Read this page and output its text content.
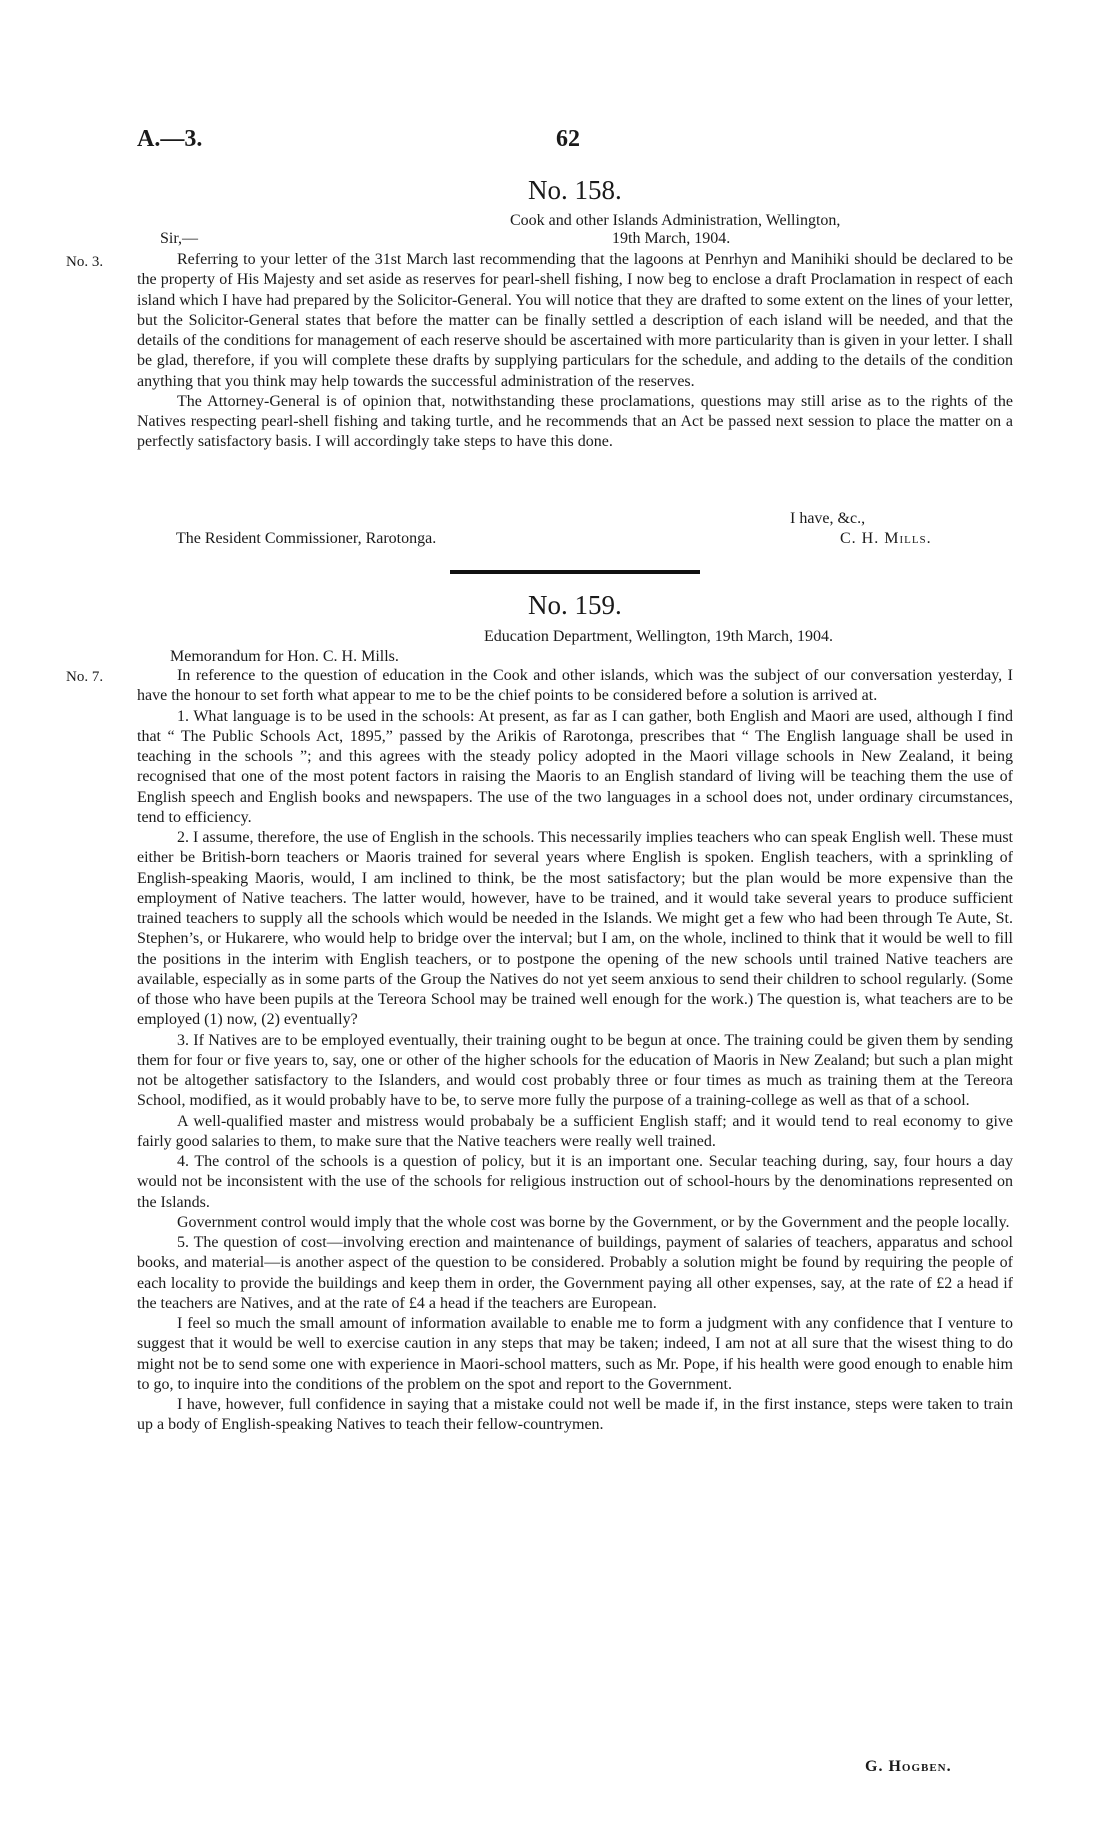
A.—3.	62
No. 158.
Cook and other Islands Administration, Wellington,
Sir,—	19th March, 1904.
No. 3.	Referring to your letter of the 31st March last recommending that the lagoons at Penrhyn and Manihiki should be declared to be the property of His Majesty and set aside as reserves for pearl-shell fishing, I now beg to enclose a draft Proclamation in respect of each island which I have had prepared by the Solicitor-General. You will notice that they are drafted to some extent on the lines of your letter, but the Solicitor-General states that before the matter can be finally settled a description of each island will be needed, and that the details of the conditions for management of each reserve should be ascertained with more particularity than is given in your letter. I shall be glad, therefore, if you will complete these drafts by supplying particulars for the schedule, and adding to the details of the condition anything that you think may help towards the successful administration of the reserves.

The Attorney-General is of opinion that, notwithstanding these proclamations, questions may still arise as to the rights of the Natives respecting pearl-shell fishing and taking turtle, and he recommends that an Act be passed next session to place the matter on a perfectly satisfactory basis. I will accordingly take steps to have this done.

I have, &c.,
The Resident Commissioner, Rarotonga.	C. H. Mills.
No. 159.
Education Department, Wellington, 19th March, 1904.
Memorandum for Hon. C. H. Mills.
No. 7.	In reference to the question of education in the Cook and other islands, which was the subject of our conversation yesterday, I have the honour to set forth what appear to me to be the chief points to be considered before a solution is arrived at.

1. What language is to be used in the schools: At present, as far as I can gather, both English and Maori are used, although I find that “ The Public Schools Act, 1895,” passed by the Arikis of Rarotonga, prescribes that “ The English language shall be used in teaching in the schools ”; and this agrees with the steady policy adopted in the Maori village schools in New Zealand, it being recognised that one of the most potent factors in raising the Maoris to an English standard of living will be teaching them the use of English speech and English books and newspapers. The use of the two languages in a school does not, under ordinary circumstances, tend to efficiency.

2. I assume, therefore, the use of English in the schools. This necessarily implies teachers who can speak English well. These must either be British-born teachers or Maoris trained for several years where English is spoken. English teachers, with a sprinkling of English-speaking Maoris, would, I am inclined to think, be the most satisfactory; but the plan would be more expensive than the employment of Native teachers. The latter would, however, have to be trained, and it would take several years to produce sufficient trained teachers to supply all the schools which would be needed in the Islands. We might get a few who had been through Te Aute, St. Stephen’s, or Hukarere, who would help to bridge over the interval; but I am, on the whole, inclined to think that it would be well to fill the positions in the interim with English teachers, or to postpone the opening of the new schools until trained Native teachers are available, especially as in some parts of the Group the Natives do not yet seem anxious to send their children to school regularly. (Some of those who have been pupils at the Tereora School may be trained well enough for the work.) The question is, what teachers are to be employed (1) now, (2) eventually?

3. If Natives are to be employed eventually, their training ought to be begun at once. The training could be given them by sending them for four or five years to, say, one or other of the higher schools for the education of Maoris in New Zealand; but such a plan might not be altogether satisfactory to the Islanders, and would cost probably three or four times as much as training them at the Tereora School, modified, as it would probably have to be, to serve more fully the purpose of a training-college as well as that of a school.

A well-qualified master and mistress would probabaly be a sufficient English staff; and it would tend to real economy to give fairly good salaries to them, to make sure that the Native teachers were really well trained.

4. The control of the schools is a question of policy, but it is an important one. Secular teaching during, say, four hours a day would not be inconsistent with the use of the schools for religious instruction out of school-hours by the denominations represented on the Islands.

Government control would imply that the whole cost was borne by the Government, or by the Government and the people locally.

5. The question of cost—involving erection and maintenance of buildings, payment of salaries of teachers, apparatus and school books, and material—is another aspect of the question to be considered. Probably a solution might be found by requiring the people of each locality to provide the buildings and keep them in order, the Government paying all other expenses, say, at the rate of £2 a head if the teachers are Natives, and at the rate of £4 a head if the teachers are European.

I feel so much the small amount of information available to enable me to form a judgment with any confidence that I venture to suggest that it would be well to exercise caution in any steps that may be taken; indeed, I am not at all sure that the wisest thing to do might not be to send some one with experience in Maori-school matters, such as Mr. Pope, if his health were good enough to enable him to go, to inquire into the conditions of the problem on the spot and report to the Government.

I have, however, full confidence in saying that a mistake could not well be made if, in the first instance, steps were taken to train up a body of English-speaking Natives to teach their fellow-countrymen.

G. Hogben.
